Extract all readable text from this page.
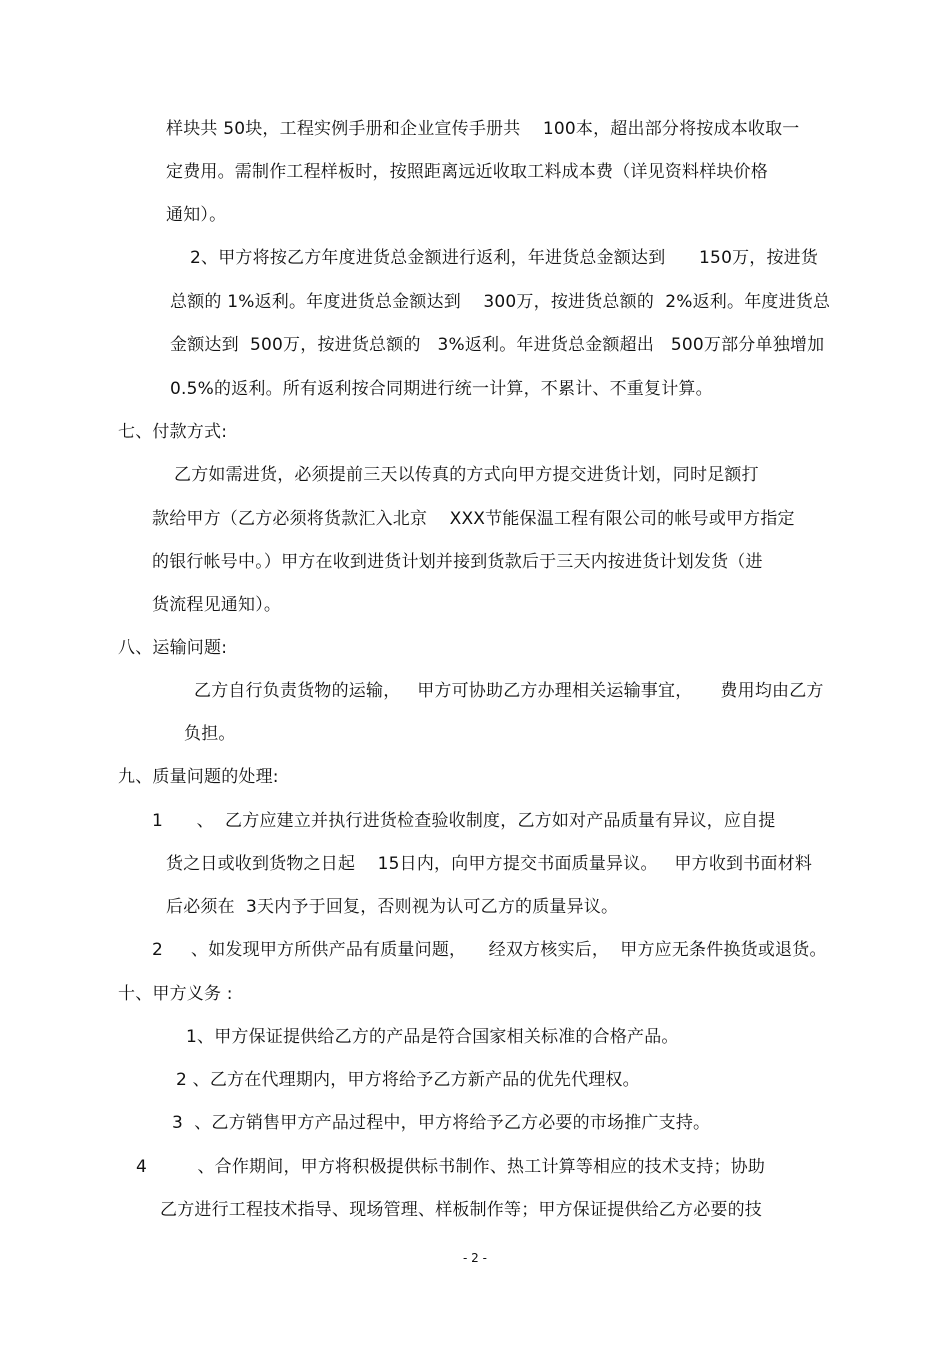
样块共 50块，工程实例手册和企业宣传手册共    100本，超出部分将按成本收取一
定费用。需制作工程样板时，按照距离远近收取工料成本费（详见资料样块价格
通知）。
2、甲方将按乙方年度进货总金额进行返利，年进货总金额达到      150万，按进货
总额的 1%返利。年度进货总金额达到    300万，按进货总额的  2%返利。年度进货总
金额达到  500万，按进货总额的   3%返利。年进货总金额超出   500万部分单独增加
0.5%的返利。所有返利按合同期进行统一计算，不累计、不重复计算。
七、付款方式:
乙方如需进货，必须提前三天以传真的方式向甲方提交进货计划，同时足额打
款给甲方（乙方必须将货款汇入北京    XXX节能保温工程有限公司的帐号或甲方指定
的银行帐号中。）甲方在收到进货计划并接到货款后于三天内按进货计划发货（进
货流程见通知）。
八、运输问题:
乙方自行负责货物的运输，   甲方可协助乙方办理相关运输事宜，     费用均由乙方
负担。
九、质量问题的处理:
1      、  乙方应建立并执行进货检查验收制度，乙方如对产品质量有异议，应自提
货之日或收到货物之日起    15日内，向甲方提交书面质量异议。   甲方收到书面材料
后必须在  3天内予于回复，否则视为认可乙方的质量异议。
2     、如发现甲方所供产品有质量问题，    经双方核实后，  甲方应无条件换货或退货。
十、甲方义务 :
1、甲方保证提供给乙方的产品是符合国家相关标准的合格产品。
2 、乙方在代理期内，甲方将给予乙方新产品的优先代理权。
3  、乙方销售甲方产品过程中，甲方将给予乙方必要的市场推广支持。
4         、合作期间，甲方将积极提供标书制作、热工计算等相应的技术支持；协助
乙方进行工程技术指导、现场管理、样板制作等；甲方保证提供给乙方必要的技
- 2 -
